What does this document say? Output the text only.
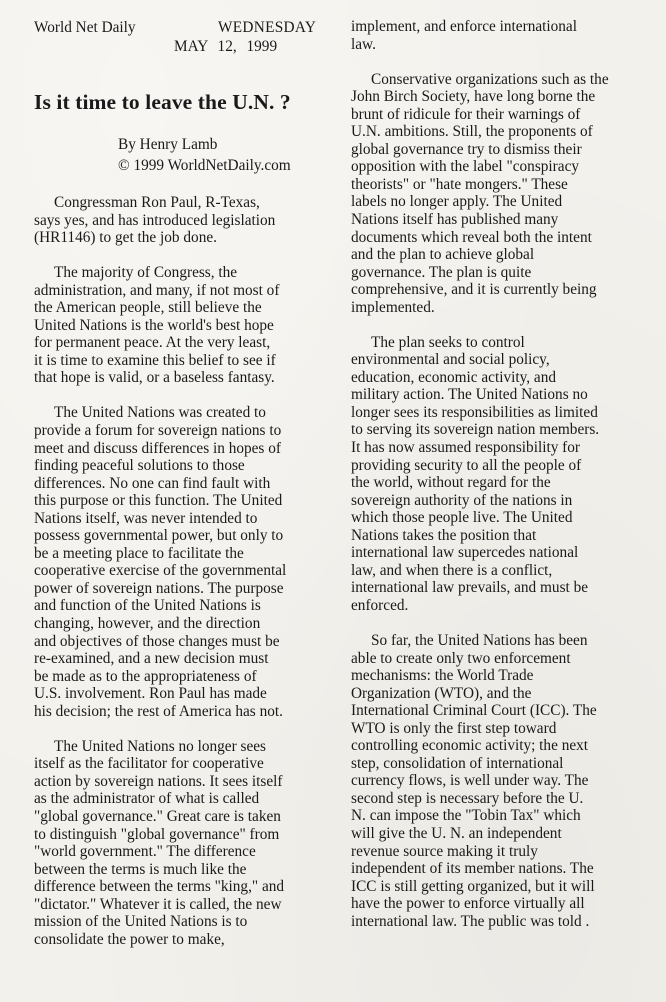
World Net Daily	WEDNESDAY
MAY 12, 1999
Is it time to leave the U.N. ?
By Henry Lamb
© 1999 WorldNetDaily.com

Congressman Ron Paul, R-Texas,
says yes, and has introduced legislation
(HR1146) to get the job done.

The majority of Congress, the
administration, and many, if not most of
the American people, still believe the
United Nations is the world's best hope
for permanent peace. At the very least,
it is time to examine this belief to see if
that hope is valid, or a baseless fantasy.

The United Nations was created to
provide a forum for sovereign nations to
meet and discuss differences in hopes of
finding peaceful solutions to those
differences. No one can find fault with
this purpose or this function. The United
Nations itself, was never intended to
possess governmental power, but only to
be a meeting place to facilitate the
cooperative exercise of the governmental
power of sovereign nations. The purpose
and function of the United Nations is
changing, however, and the direction
and objectives of those changes must be
re-examined, and a new decision must
be made as to the appropriateness of
U.S. involvement. Ron Paul has made
his decision; the rest of America has not.

The United Nations no longer sees
itself as the facilitator for cooperative
action by sovereign nations. It sees itself
as the administrator of what is called
"global governance." Great care is taken
to distinguish "global governance" from
"world government." The difference
between the terms is much like the
difference between the terms "king," and
"dictator." Whatever it is called, the new
mission of the United Nations is to
consolidate the power to make,

implement, and enforce international
law.

Conservative organizations such as the
John Birch Society, have long borne the
brunt of ridicule for their warnings of
U.N. ambitions. Still, the proponents of
global governance try to dismiss their
opposition with the label "conspiracy
theorists" or "hate mongers." These
labels no longer apply. The United
Nations itself has published many
documents which reveal both the intent
and the plan to achieve global
governance. The plan is quite
comprehensive, and it is currently being
implemented.

The plan seeks to control
environmental and social policy,
education, economic activity, and
military action. The United Nations no
longer sees its responsibilities as limited
to serving its sovereign nation members.
It has now assumed responsibility for
providing security to all the people of
the world, without regard for the
sovereign authority of the nations in
which those people live. The United
Nations takes the position that
international law supercedes national
law, and when there is a conflict,
international law prevails, and must be
enforced.

So far, the United Nations has been
able to create only two enforcement
mechanisms: the World Trade
Organization (WTO), and the
International Criminal Court (ICC). The
WTO is only the first step toward
controlling economic activity; the next
step, consolidation of international
currency flows, is well under way. The
second step is necessary before the U.
N. can impose the "Tobin Tax" which
will give the U. N. an independent
revenue source making it truly
independent of its member nations. The
ICC is still getting organized, but it will
have the power to enforce virtually all
international law. The public was told .
